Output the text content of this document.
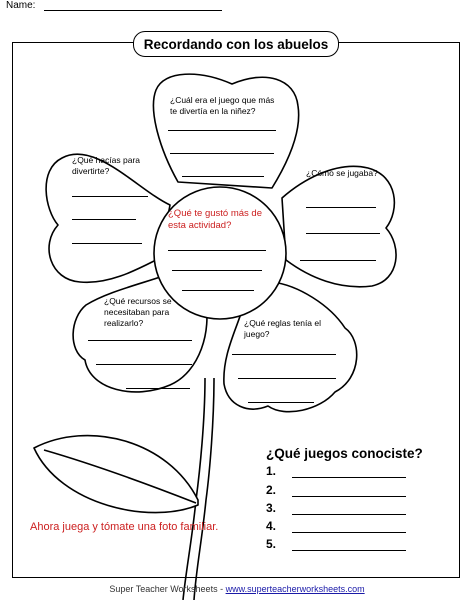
Name:
Recordando con los abuelos
¿Cuál era el juego que más te divertía en la niñez?
¿Qué hacías para divertirte?	¿Cómo se jugaba?
¿Qué te gustó más de esta actividad?
¿Qué recursos se necesitaban para realizarlo?	¿Qué reglas tenía el juego?
¿Qué juegos conociste?
1.
2.
3.
4.
5.
Ahora juega y tómate una foto familiar.
Super Teacher Worksheets - www.superteacherworksheets.com
